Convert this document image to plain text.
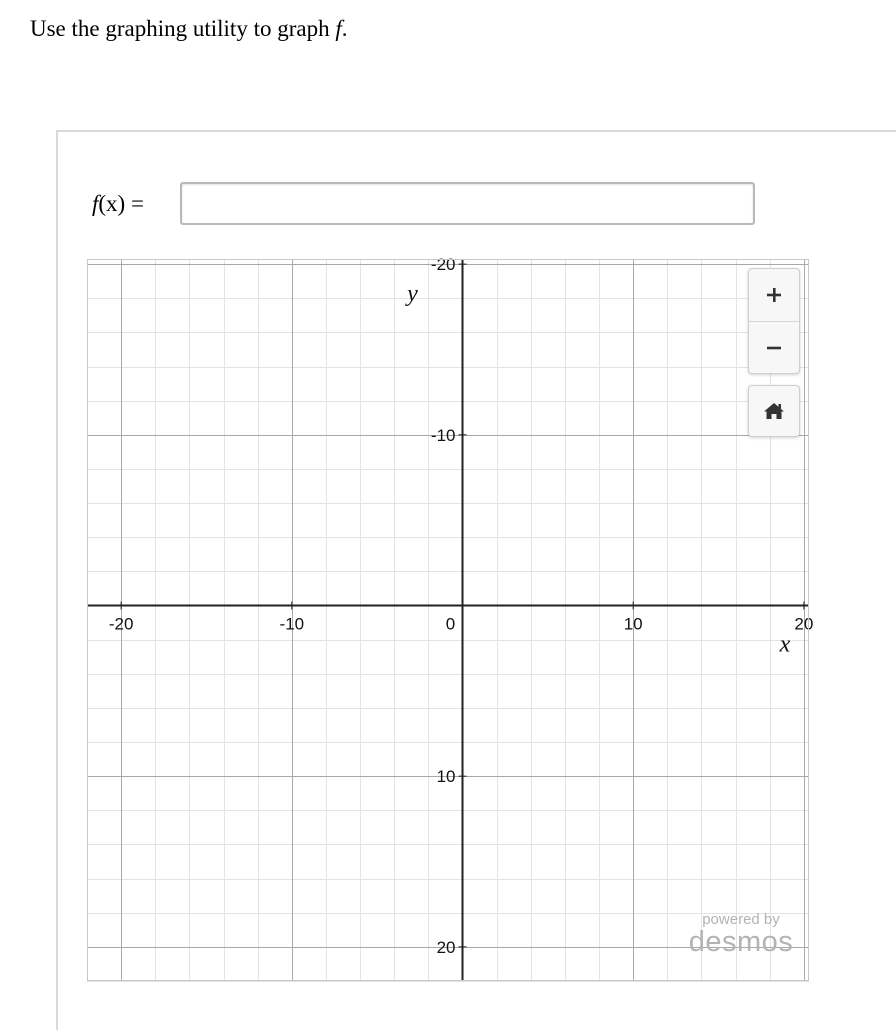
Use the graphing utility to graph f.
f(x) =
-20	-10	0	10	20
20
10
-10
-20
x
y
powered by
desmos
